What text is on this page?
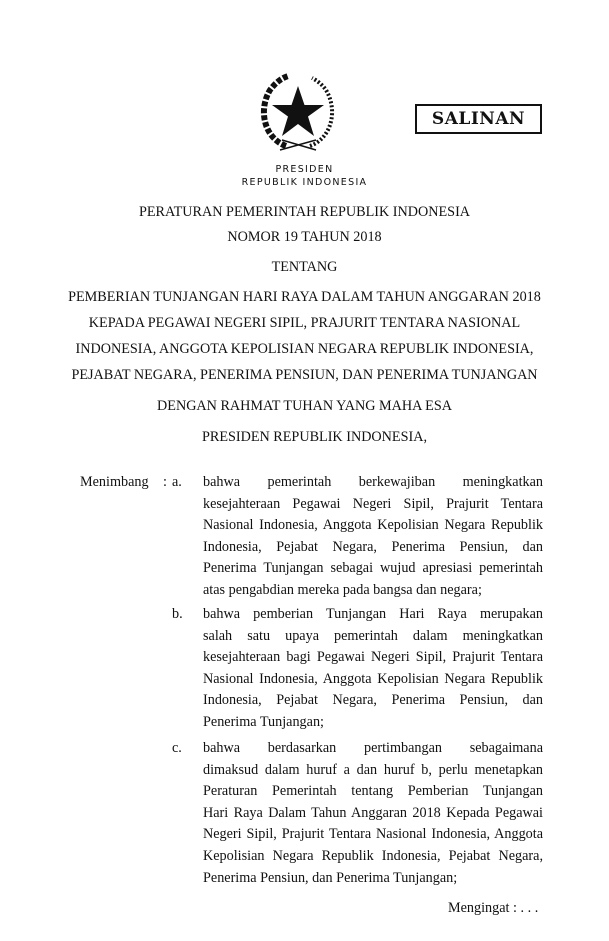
SALINAN
PRESIDEN
REPUBLIK INDONESIA
PERATURAN PEMERINTAH REPUBLIK INDONESIA
NOMOR 19 TAHUN 2018
TENTANG
PEMBERIAN TUNJANGAN HARI RAYA DALAM TAHUN ANGGARAN 2018
KEPADA PEGAWAI NEGERI SIPIL, PRAJURIT TENTARA NASIONAL
INDONESIA, ANGGOTA KEPOLISIAN NEGARA REPUBLIK INDONESIA,
PEJABAT NEGARA, PENERIMA PENSIUN, DAN PENERIMA TUNJANGAN
DENGAN RAHMAT TUHAN YANG MAHA ESA
PRESIDEN REPUBLIK INDONESIA,
Menimbang : a. bahwa pemerintah berkewajiban meningkatkan
kesejahteraan Pegawai Negeri Sipil, Prajurit Tentara
Nasional Indonesia, Anggota Kepolisian Negara Republik
Indonesia, Pejabat Negara, Penerima Pensiun, dan
Penerima Tunjangan sebagai wujud apresiasi pemerintah
atas pengabdian mereka pada bangsa dan negara;
b. bahwa pemberian Tunjangan Hari Raya merupakan
salah satu upaya pemerintah dalam meningkatkan
kesejahteraan bagi Pegawai Negeri Sipil, Prajurit Tentara
Nasional Indonesia, Anggota Kepolisian Negara Republik
Indonesia, Pejabat Negara, Penerima Pensiun, dan
Penerima Tunjangan;
c. bahwa berdasarkan pertimbangan sebagaimana
dimaksud dalam huruf a dan huruf b, perlu menetapkan
Peraturan Pemerintah tentang Pemberian Tunjangan
Hari Raya Dalam Tahun Anggaran 2018 Kepada Pegawai
Negeri Sipil, Prajurit Tentara Nasional Indonesia, Anggota
Kepolisian Negara Republik Indonesia, Pejabat Negara,
Penerima Pensiun, dan Penerima Tunjangan;
Mengingat : . . .
